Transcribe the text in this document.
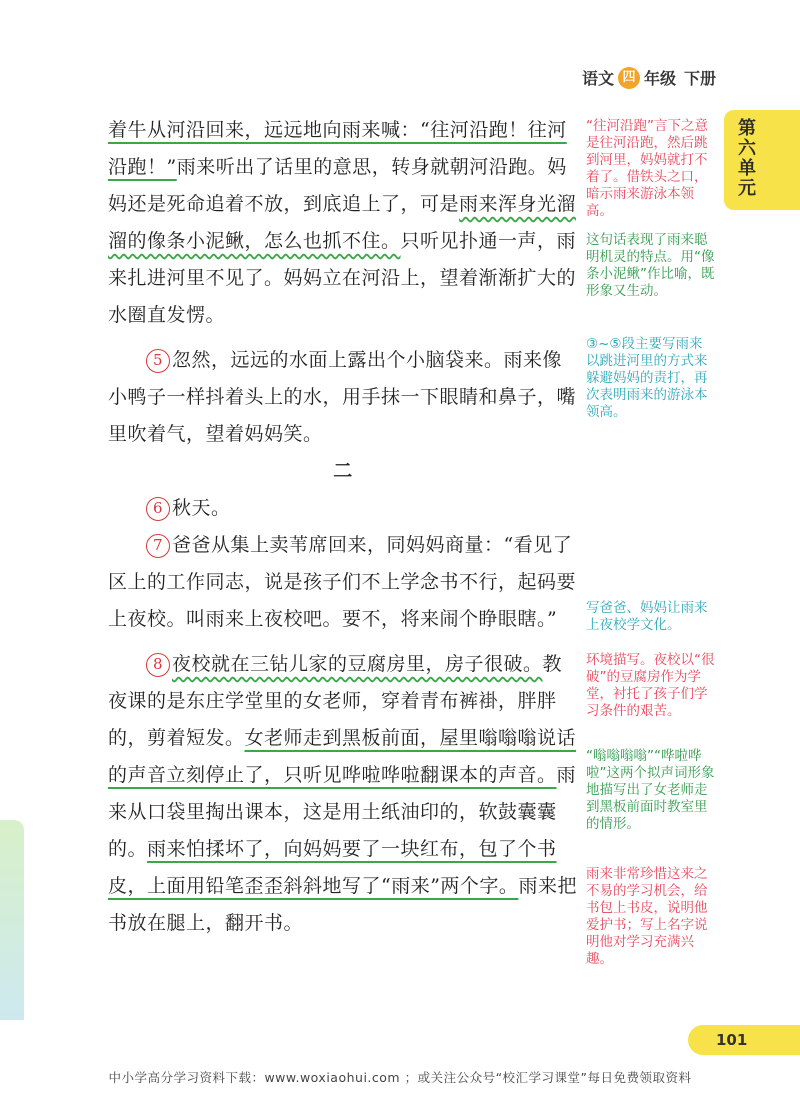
语文 四 年级 下册
第六单元

着牛从河沿回来，远远地向雨来喊：“往河沿跑！往河沿跑！”雨来听出了话里的意思，转身就朝河沿跑。妈妈还是死命追着不放，到底追上了，可是雨来浑身光溜溜的像条小泥鳅，怎么也抓不住。只听见扑通一声，雨来扎进河里不见了。妈妈立在河沿上，望着渐渐扩大的水圈直发愣。

5 忽然，远远的水面上露出个小脑袋来。雨来像小鸭子一样抖着头上的水，用手抹一下眼睛和鼻子，嘴里吹着气，望着妈妈笑。

二

6 秋天。

7 爸爸从集上卖苇席回来，同妈妈商量：“看见了区上的工作同志，说是孩子们不上学念书不行，起码要上夜校。叫雨来上夜校吧。要不，将来闹个睁眼瞎。”

8 夜校就在三钻儿家的豆腐房里，房子很破。教夜课的是东庄学堂里的女老师，穿着青布裤褂，胖胖的，剪着短发。女老师走到黑板前面，屋里嗡嗡嗡说话的声音立刻停止了，只听见哗啦哗啦翻课本的声音。雨来从口袋里掏出课本，这是用土纸油印的，软鼓囊囊的。雨来怕揉坏了，向妈妈要了一块红布，包了个书皮，上面用铅笔歪歪斜斜地写了“雨来”两个字。雨来把书放在腿上，翻开书。

“往河沿跑”言下之意是往河沿跑，然后跳到河里，妈妈就打不着了。借铁头之口，暗示雨来游泳本领高。
这句话表现了雨来聪明机灵的特点。用“像条小泥鳅”作比喻，既形象又生动。
③~⑤段主要写雨来以跳进河里的方式来躲避妈妈的责打，再次表明雨来的游泳本领高。
写爸爸、妈妈让雨来上夜校学文化。
环境描写。夜校以“很破”的豆腐房作为学堂，衬托了孩子们学习条件的艰苦。
“嗡嗡嗡嗡”“哗啦哗啦”这两个拟声词形象地描写出了女老师走到黑板前面时教室里的情形。
雨来非常珍惜这来之不易的学习机会，给书包上书皮，说明他爱护书；写上名字说明他对学习充满兴趣。
101
中小学高分学习资料下载：www.woxiaohui.com ；或关注公众号“校汇学习课堂”每日免费领取资料
